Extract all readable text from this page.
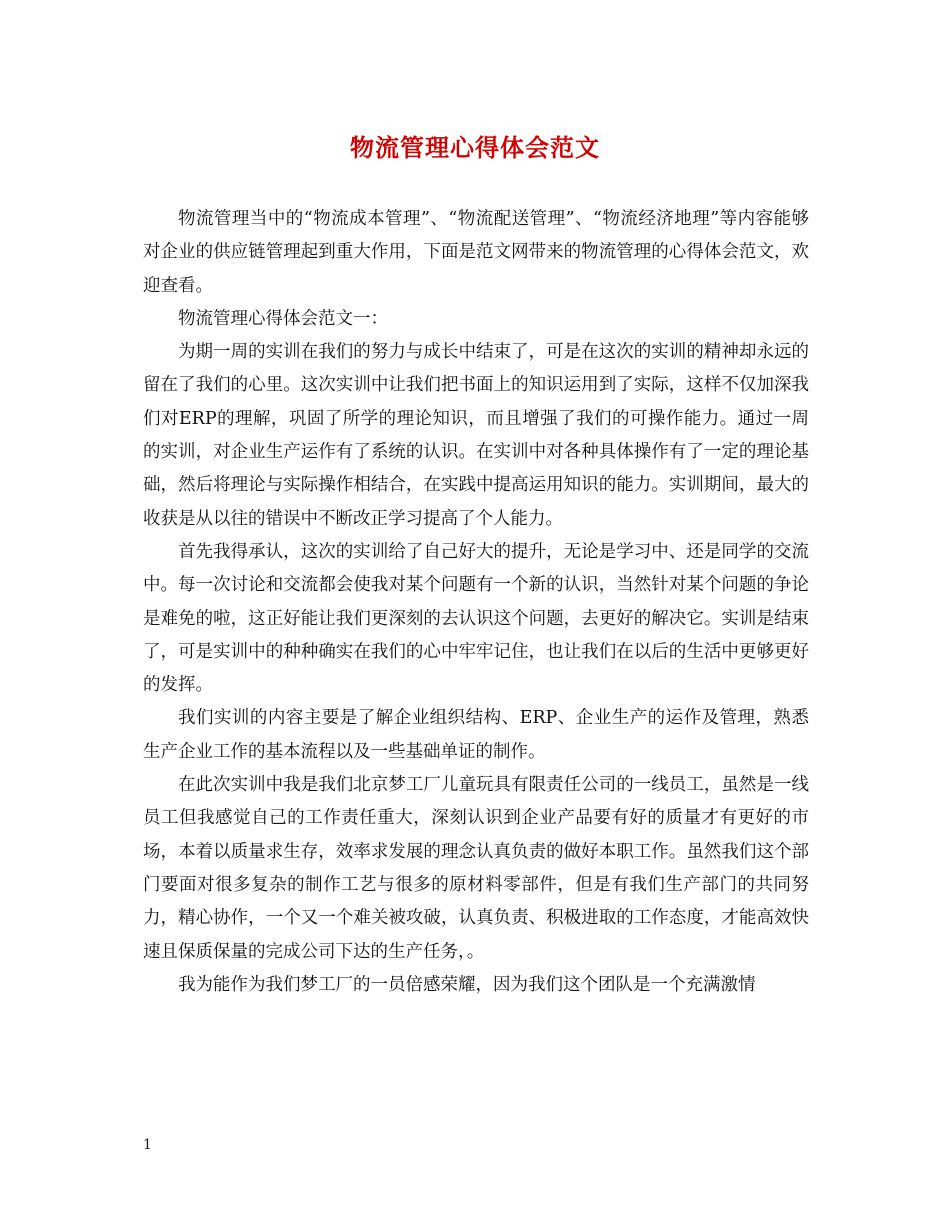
物流管理心得体会范文

物流管理当中的“物流成本管理”、“物流配送管理”、“物流经济地理”等内容能够对企业的供应链管理起到重大作用，下面是范文网带来的物流管理的心得体会范文，欢迎查看。

物流管理心得体会范文一：

为期一周的实训在我们的努力与成长中结束了，可是在这次的实训的精神却永远的留在了我们的心里。这次实训中让我们把书面上的知识运用到了实际，这样不仅加深我们对ERP的理解，巩固了所学的理论知识，而且增强了我们的可操作能力。通过一周的实训，对企业生产运作有了系统的认识。在实训中对各种具体操作有了一定的理论基础，然后将理论与实际操作相结合，在实践中提高运用知识的能力。实训期间，最大的收获是从以往的错误中不断改正学习提高了个人能力。

首先我得承认，这次的实训给了自己好大的提升，无论是学习中、还是同学的交流中。每一次讨论和交流都会使我对某个问题有一个新的认识，当然针对某个问题的争论是难免的啦，这正好能让我们更深刻的去认识这个问题，去更好的解决它。实训是结束了，可是实训中的种种确实在我们的心中牢牢记住，也让我们在以后的生活中更够更好的发挥。

我们实训的内容主要是了解企业组织结构、ERP、企业生产的运作及管理，熟悉生产企业工作的基本流程以及一些基础单证的制作。

在此次实训中我是我们北京梦工厂儿童玩具有限责任公司的一线员工，虽然是一线员工但我感觉自己的工作责任重大，深刻认识到企业产品要有好的质量才有更好的市场，本着以质量求生存，效率求发展的理念认真负责的做好本职工作。虽然我们这个部门要面对很多复杂的制作工艺与很多的原材料零部件，但是有我们生产部门的共同努力，精心协作，一个又一个难关被攻破，认真负责、积极进取的工作态度，才能高效快速且保质保量的完成公司下达的生产任务，。

我为能作为我们梦工厂的一员倍感荣耀，因为我们这个团队是一个充满激情

1
